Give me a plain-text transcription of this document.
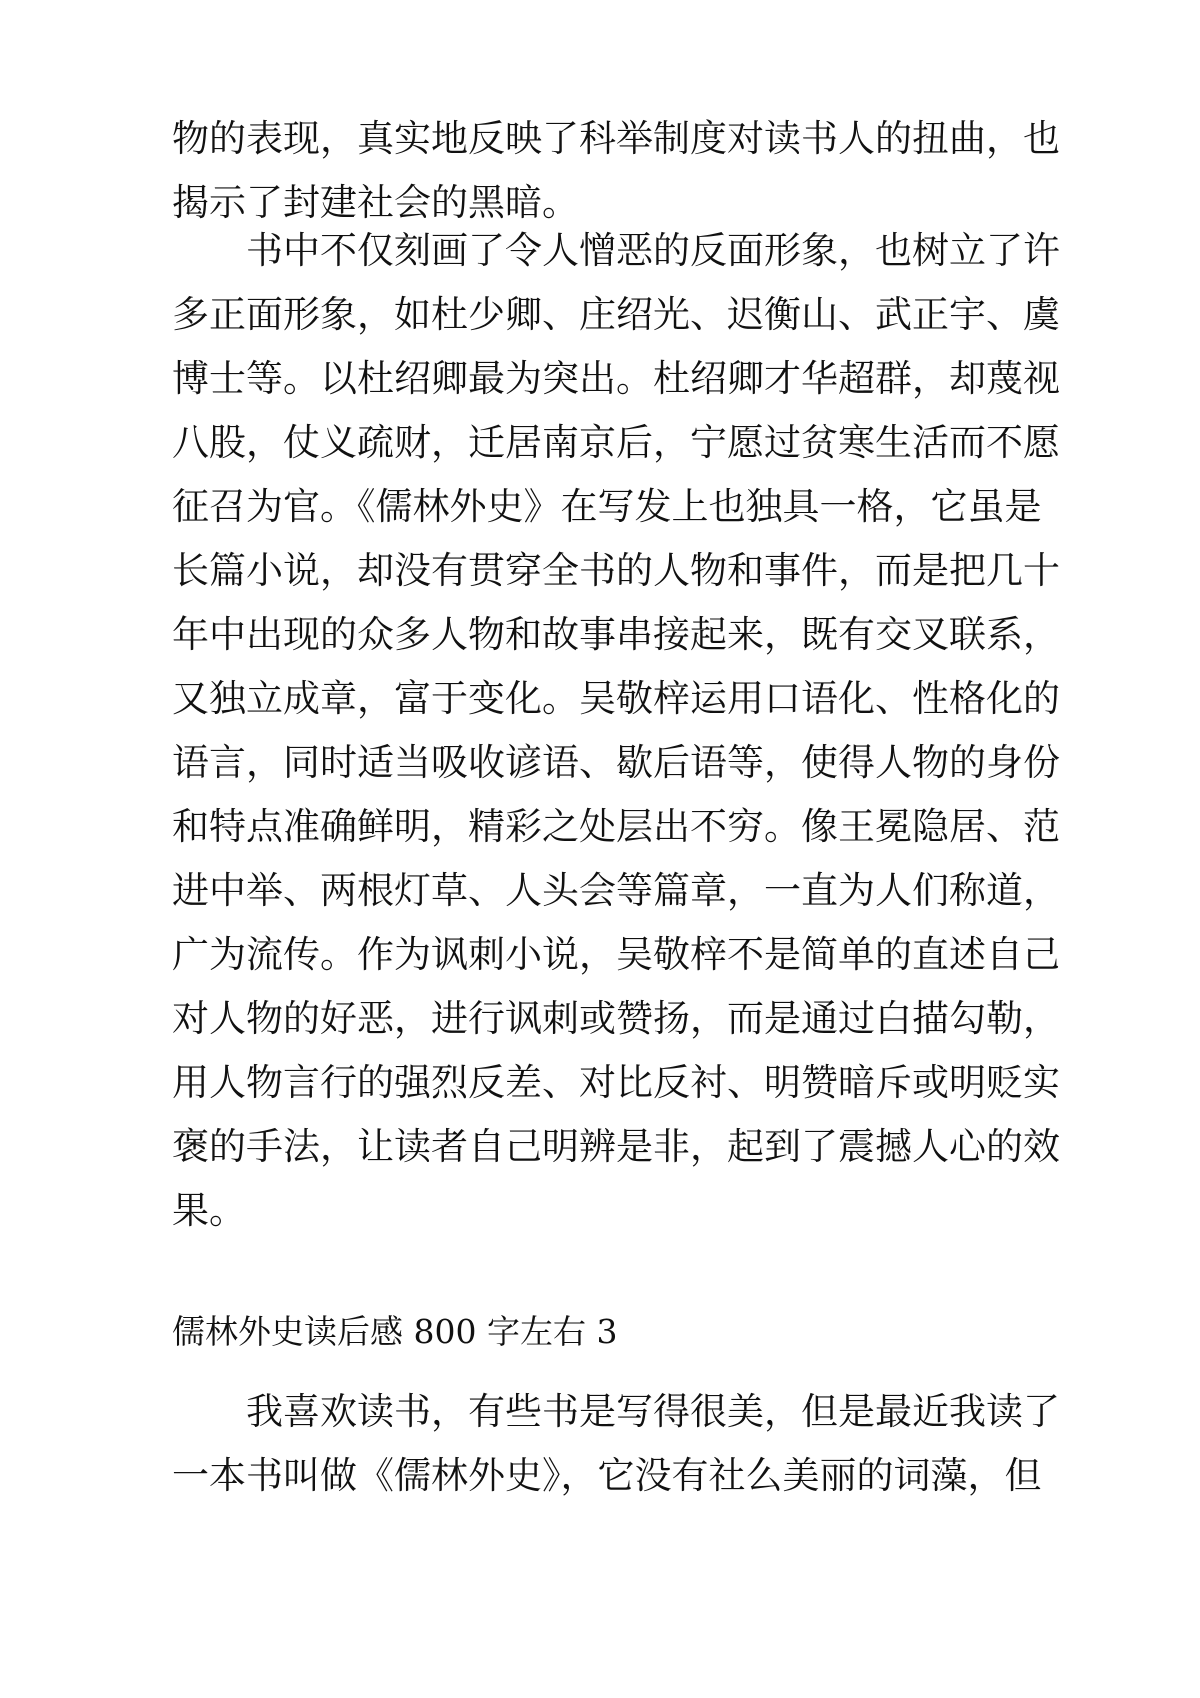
物的表现，真实地反映了科举制度对读书人的扭曲，也
揭示了封建社会的黑暗。
书中不仅刻画了令人憎恶的反面形象，也树立了许
多正面形象，如杜少卿、庄绍光、迟衡山、武正宇、虞
博士等。以杜绍卿最为突出。杜绍卿才华超群，却蔑视
八股，仗义疏财，迁居南京后，宁愿过贫寒生活而不愿
征召为官。《儒林外史》在写发上也独具一格，它虽是
长篇小说，却没有贯穿全书的人物和事件，而是把几十
年中出现的众多人物和故事串接起来，既有交叉联系，
又独立成章，富于变化。吴敬梓运用口语化、性格化的
语言，同时适当吸收谚语、歇后语等，使得人物的身份
和特点准确鲜明，精彩之处层出不穷。像王冕隐居、范
进中举、两根灯草、人头会等篇章，一直为人们称道，
广为流传。作为讽刺小说，吴敬梓不是简单的直述自己
对人物的好恶，进行讽刺或赞扬，而是通过白描勾勒，
用人物言行的强烈反差、对比反衬、明赞暗斥或明贬实
褒的手法，让读者自己明辨是非，起到了震撼人心的效
果。
儒林外史读后感 800 字左右 3
我喜欢读书，有些书是写得很美，但是最近我读了
一本书叫做《儒林外史》，它没有社么美丽的词藻，但
